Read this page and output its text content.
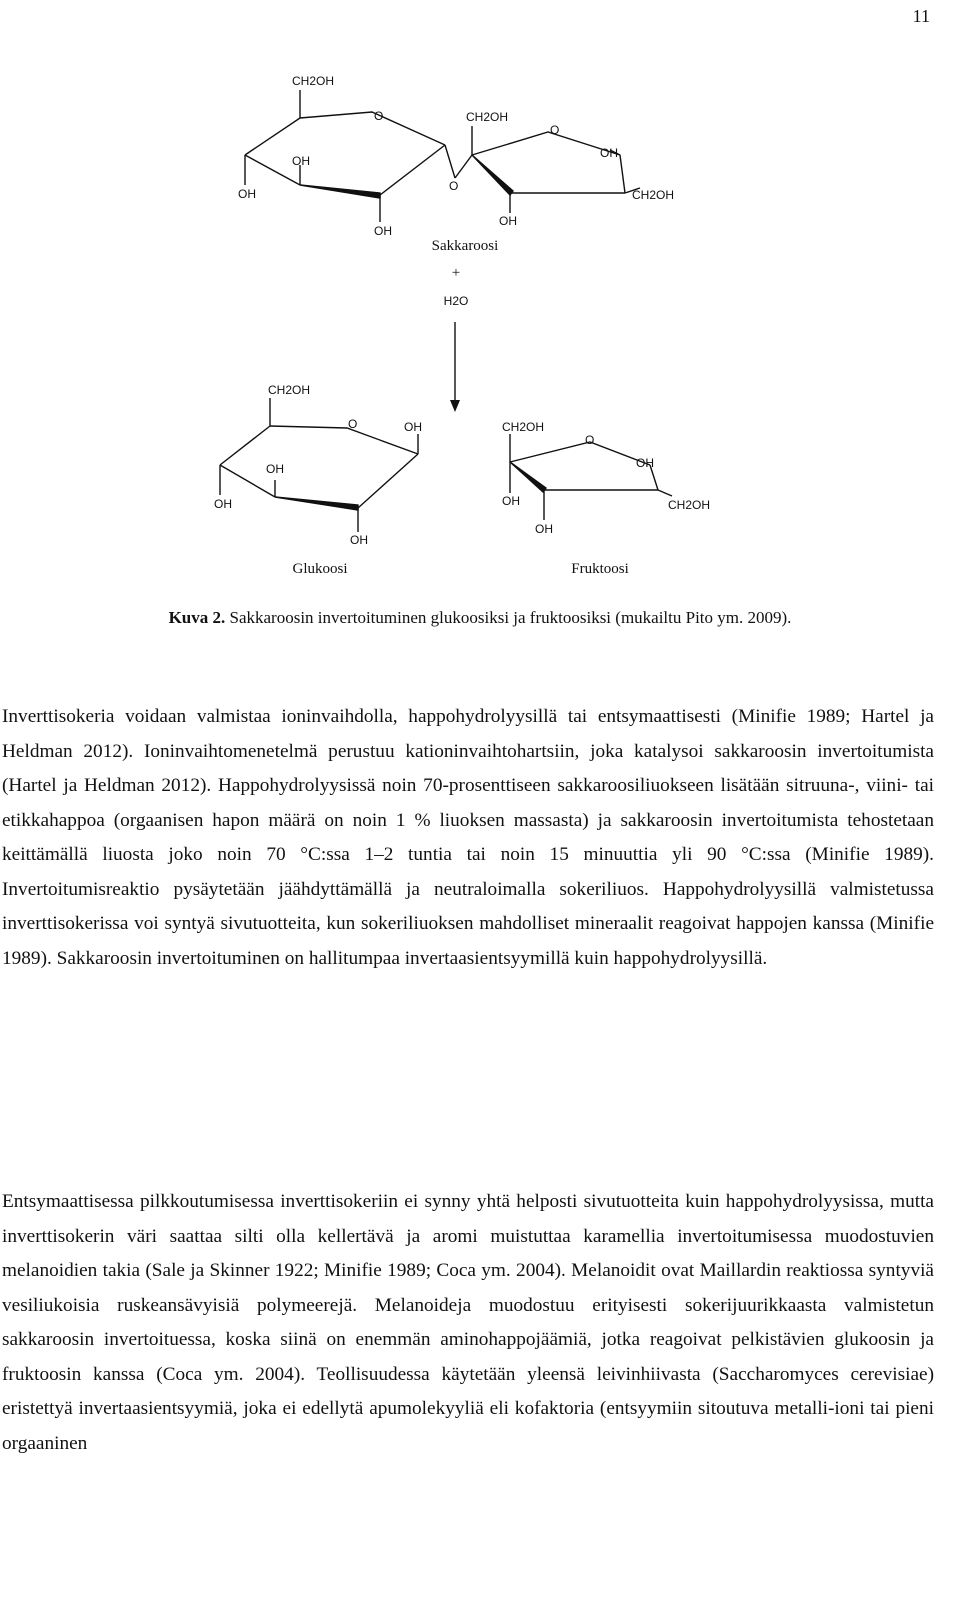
11
CH2OH
O
OH
OH
OH
O
CH2OH
O
OH
CH2OH
OH
Sakkaroosi
+
H2O
CH2OH
O	OH
OH
OH
OH
CH2OH
O
OH
OH	CH2OH
OH
Glukoosi	Fruktoosi
Kuva 2. Sakkaroosin invertoituminen glukoosiksi ja fruktoosiksi (mukailtu Pito ym. 2009).

Inverttisokeria voidaan valmistaa ioninvaihdolla, happohydrolyysillä tai entsymaattisesti (Minifie 1989; Hartel ja Heldman 2012). Ioninvaihtomenetelmä perustuu kationinvaihtohartsiin, joka katalysoi sakkaroosin invertoitumista (Hartel ja Heldman 2012). Happohydrolyysissä noin 70-prosenttiseen sakkaroosiliuokseen lisätään sitruuna-, viini- tai etikkahappoa (orgaanisen hapon määrä on noin 1 % liuoksen massasta) ja sakkaroosin invertoitumista tehostetaan keittämällä liuosta joko noin 70 °C:ssa 1–2 tuntia tai noin 15 minuuttia yli 90 °C:ssa (Minifie 1989). Invertoitumisreaktio pysäytetään jäähdyttämällä ja neutraloimalla sokeriliuos. Happohydrolyysillä valmistetussa inverttisokerissa voi syntyä sivutuotteita, kun sokeriliuoksen mahdolliset mineraalit reagoivat happojen kanssa (Minifie 1989). Sakkaroosin invertoituminen on hallitumpaa invertaasientsyymillä kuin happohydrolyysillä.

Entsymaattisessa pilkkoutumisessa inverttisokeriin ei synny yhtä helposti sivutuotteita kuin happohydrolyysissa, mutta inverttisokerin väri saattaa silti olla kellertävä ja aromi muistuttaa karamellia invertoitumisessa muodostuvien melanoidien takia (Sale ja Skinner 1922; Minifie 1989; Coca ym. 2004). Melanoidit ovat Maillardin reaktiossa syntyviä vesiliukoisia ruskeansävyisiä polymeerejä. Melanoideja muodostuu erityisesti sokerijuurikkaasta valmistetun sakkaroosin invertoituessa, koska siinä on enemmän aminohappojäämiä, jotka reagoivat pelkistävien glukoosin ja fruktoosin kanssa (Coca ym. 2004). Teollisuudessa käytetään yleensä leivinhiivasta (Saccharomyces cerevisiae) eristettyä invertaasientsyymiä, joka ei edellytä apumolekyyliä eli kofaktoria (entsyymiin sitoutuva metalli-ioni tai pieni orgaaninen
